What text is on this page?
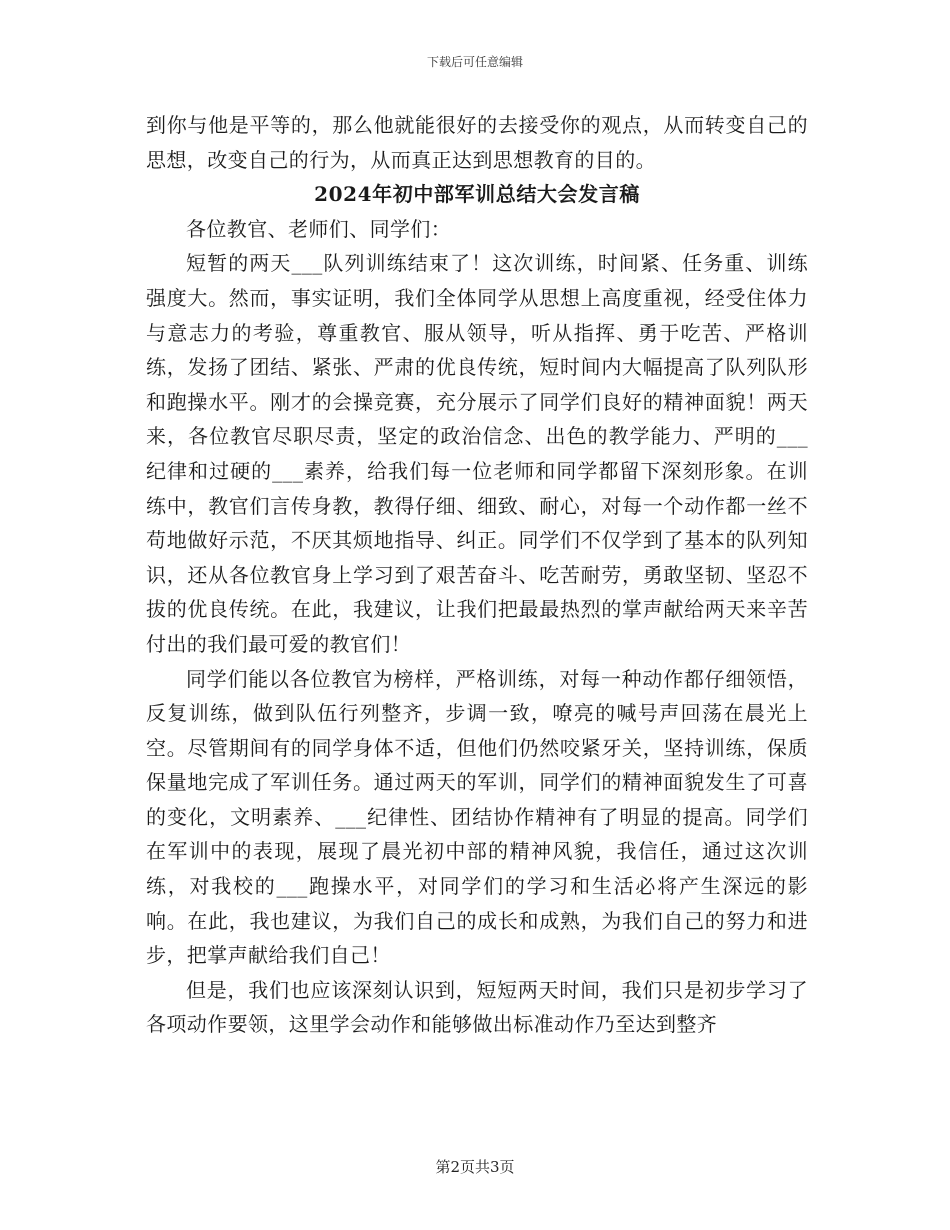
下载后可任意编辑

到你与他是平等的，那么他就能很好的去接受你的观点，从而转变自己的思想，改变自己的行为，从而真正达到思想教育的目的。

2024年初中部军训总结大会发言稿

各位教官、老师们、同学们：

短暂的两天___队列训练结束了！这次训练，时间紧、任务重、训练强度大。然而，事实证明，我们全体同学从思想上高度重视，经受住体力与意志力的考验，尊重教官、服从领导，听从指挥、勇于吃苦、严格训练，发扬了团结、紧张、严肃的优良传统，短时间内大幅提高了队列队形和跑操水平。刚才的会操竞赛，充分展示了同学们良好的精神面貌！两天来，各位教官尽职尽责，坚定的政治信念、出色的教学能力、严明的___纪律和过硬的___素养，给我们每一位老师和同学都留下深刻形象。在训练中，教官们言传身教，教得仔细、细致、耐心，对每一个动作都一丝不苟地做好示范，不厌其烦地指导、纠正。同学们不仅学到了基本的队列知识，还从各位教官身上学习到了艰苦奋斗、吃苦耐劳，勇敢坚韧、坚忍不拔的优良传统。在此，我建议，让我们把最最热烈的掌声献给两天来辛苦付出的我们最可爱的教官们！

同学们能以各位教官为榜样，严格训练，对每一种动作都仔细领悟，反复训练，做到队伍行列整齐，步调一致，嘹亮的喊号声回荡在晨光上空。尽管期间有的同学身体不适，但他们仍然咬紧牙关，坚持训练，保质保量地完成了军训任务。通过两天的军训，同学们的精神面貌发生了可喜的变化，文明素养、___纪律性、团结协作精神有了明显的提高。同学们在军训中的表现，展现了晨光初中部的精神风貌，我信任，通过这次训练，对我校的___跑操水平，对同学们的学习和生活必将产生深远的影响。在此，我也建议，为我们自己的成长和成熟，为我们自己的努力和进步，把掌声献给我们自己！

但是，我们也应该深刻认识到，短短两天时间，我们只是初步学习了各项动作要领，这里学会动作和能够做出标准动作乃至达到整齐

第2页共3页
